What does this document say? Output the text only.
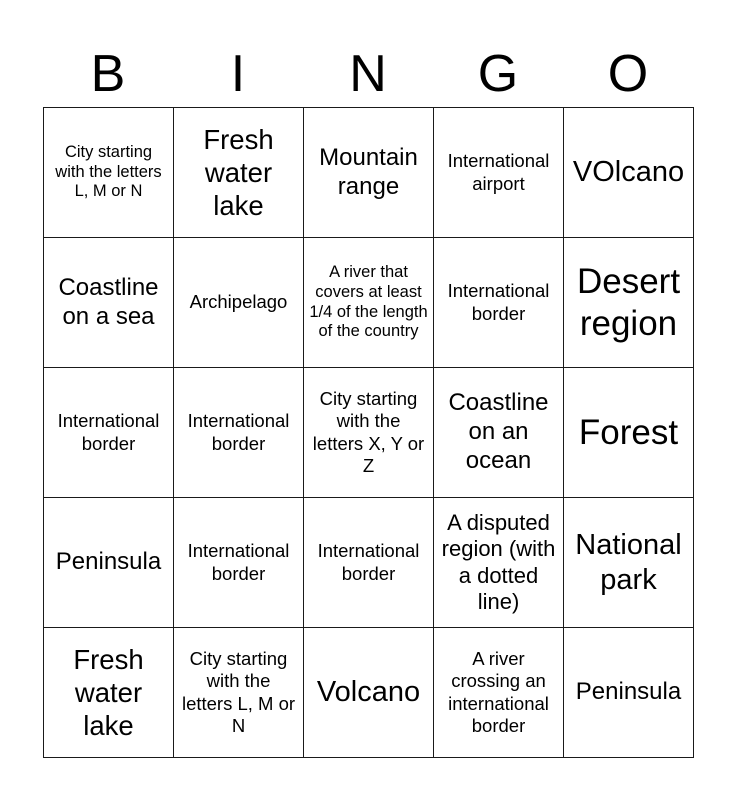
B	I	N	G	O
City starting with the letters L, M or N	Fresh water lake	Mountain range	International airport	VOlcano
Coastline on a sea	Archipelago	A river that covers at least 1/4 of the length of the country	International border	Desert region
International border	International border	City starting with the letters X, Y or Z	Coastline on an ocean	Forest
Peninsula	International border	International border	A disputed region (with a dotted line)	National park
Fresh water lake	City starting with the letters L, M or N	Volcano	A river crossing an international border	Peninsula
